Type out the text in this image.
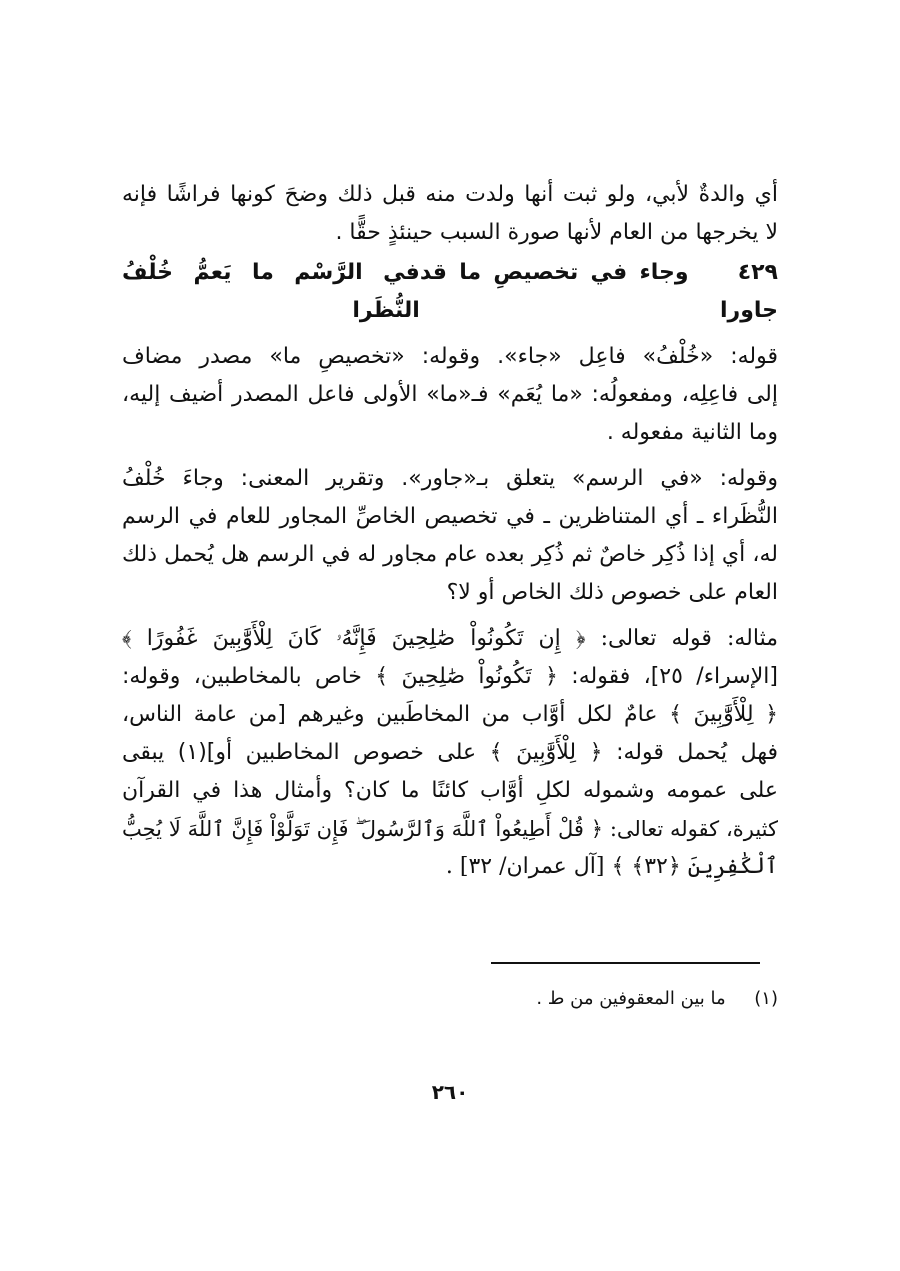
أي والدةٌ لأبي، ولو ثبت أنها ولدت منه قبل ذلك وضحَ كونها فراشًا فإنه
لا يخرجها من العام لأنها صورة السبب حينئذٍ حقًّا .
٤٢٩    وجاء في تخصيصِ ما قد جاورا
في الرَّسْم ما يَعمُّ خُلْفُ النُّظَرا
قوله: «خُلْفُ» فاعِل «جاء». وقوله: «تخصيصِ ما» مصدر مضاف
إلى فاعِلِه، ومفعولُه: «ما يُعَم» فـ«ما» الأولى فاعل المصدر أضيف إليه،
وما الثانية مفعوله .
وقوله: «في الرسم» يتعلق بـ«جاور». وتقرير المعنى: وجاءَ خُلْفُ
النُّظَراء ـ أي المتناظرين ـ في تخصيص الخاصِّ المجاور للعام في الرسم
له، أي إذا ذُكِر خاصٌ ثم ذُكِر بعده عام مجاور له في الرسم هل يُحمل ذلك
العام على خصوص ذلك الخاص أو لا؟
مثاله: قوله تعالى: ﴿ إِن تَكُونُواْ صَٰلِحِينَ فَإِنَّهُۥ كَانَ لِلْأَوَّٰبِينَ غَفُورًا ﴾
[الإسراء/ ٢٥]، فقوله: ﴿ تَكُونُواْ صَٰلِحِينَ ﴾ خاص بالمخاطبين، وقوله:
﴿ لِلْأَوَّٰبِينَ ﴾ عامٌ لكل أوَّاب من المخاطَبين وغيرهم [من عامة الناس،
فهل يُحمل قوله: ﴿ لِلْأَوَّٰبِينَ ﴾ على خصوص المخاطبين أو](١) يبقى
على عمومه وشموله لكلِ أوَّاب كائنًا ما كان؟ وأمثال هذا في القرآن
كثيرة، كقوله تعالى: ﴿ قُلْ أَطِيعُواْ ٱللَّهَ وَٱلرَّسُولَ ۖ فَإِن تَوَلَّوْاْ فَإِنَّ ٱللَّهَ لَا يُحِبُّ
ٱلْكَٰفِرِينَ ﴿٣٢﴾ ﴾ [آل عمران/ ٣٢] .
(١)     ما بين المعقوفين من ط .
٢٦٠
